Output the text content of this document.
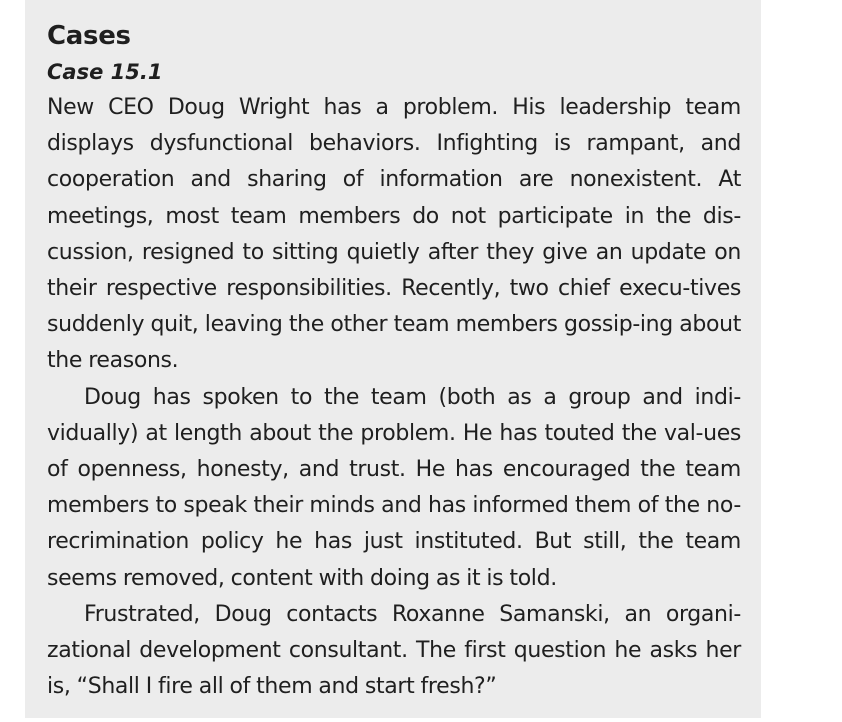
Cases
Case 15.1

New CEO Doug Wright has a problem. His leadership team displays dysfunctional behaviors. Infighting is rampant, and cooperation and sharing of information are nonexistent. At meetings, most team members do not participate in the dis-cussion, resigned to sitting quietly after they give an update on their respective responsibilities. Recently, two chief execu-tives suddenly quit, leaving the other team members gossip-ing about the reasons.

Doug has spoken to the team (both as a group and indi-vidually) at length about the problem. He has touted the val-ues of openness, honesty, and trust. He has encouraged the team members to speak their minds and has informed them of the no-recrimination policy he has just instituted. But still, the team seems removed, content with doing as it is told.

Frustrated, Doug contacts Roxanne Samanski, an organi-zational development consultant. The first question he asks her is, “Shall I fire all of them and start fresh?”
